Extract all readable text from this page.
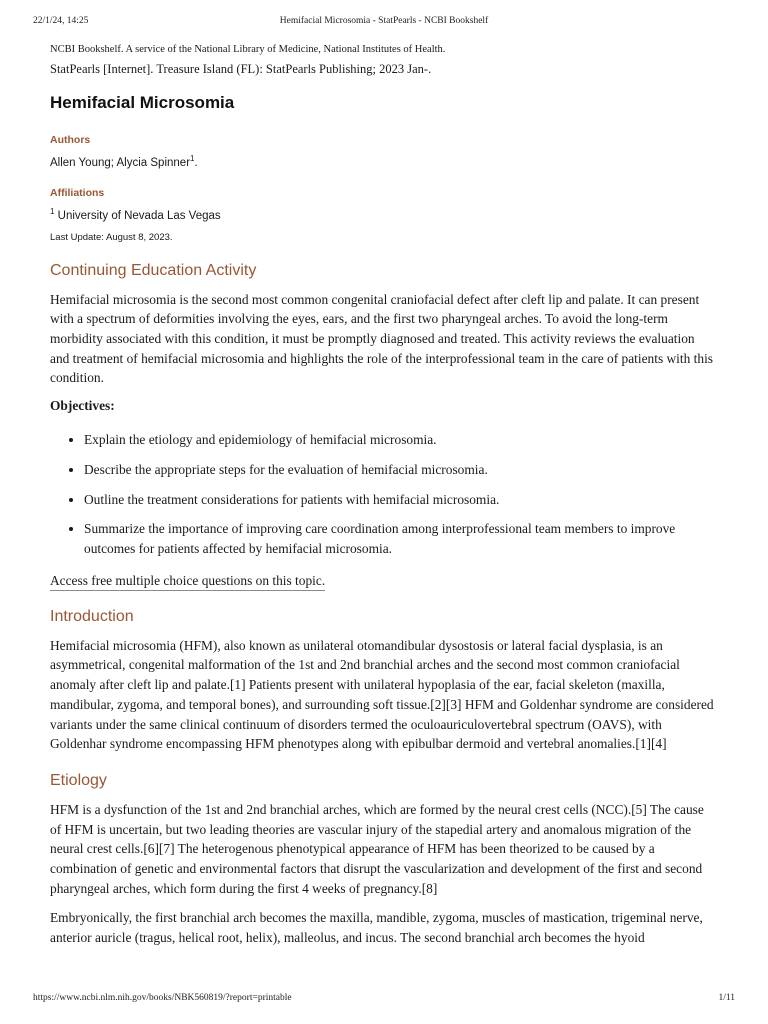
22/1/24, 14:25	Hemifacial Microsomia - StatPearls - NCBI Bookshelf
NCBI Bookshelf. A service of the National Library of Medicine, National Institutes of Health.
StatPearls [Internet]. Treasure Island (FL): StatPearls Publishing; 2023 Jan-.
Hemifacial Microsomia
Authors
Allen Young; Alycia Spinner$^1$.
Affiliations
$^1$ University of Nevada Las Vegas
Last Update: August 8, 2023.
Continuing Education Activity

Hemifacial microsomia is the second most common congenital craniofacial defect after cleft lip and palate. It can present with a spectrum of deformities involving the eyes, ears, and the first two pharyngeal arches. To avoid the long-term morbidity associated with this condition, it must be promptly diagnosed and treated. This activity reviews the evaluation and treatment of hemifacial microsomia and highlights the role of the interprofessional team in the care of patients with this condition.

Objectives:
• Explain the etiology and epidemiology of hemifacial microsomia.
• Describe the appropriate steps for the evaluation of hemifacial microsomia.
• Outline the treatment considerations for patients with hemifacial microsomia.
• Summarize the importance of improving care coordination among interprofessional team members to improve outcomes for patients affected by hemifacial microsomia.
Access free multiple choice questions on this topic.
Introduction

Hemifacial microsomia (HFM), also known as unilateral otomandibular dysostosis or lateral facial dysplasia, is an asymmetrical, congenital malformation of the 1st and 2nd branchial arches and the second most common craniofacial anomaly after cleft lip and palate.[1] Patients present with unilateral hypoplasia of the ear, facial skeleton (maxilla, mandibular, zygoma, and temporal bones), and surrounding soft tissue.[2][3] HFM and Goldenhar syndrome are considered variants under the same clinical continuum of disorders termed the oculoauriculovertebral spectrum (OAVS), with Goldenhar syndrome encompassing HFM phenotypes along with epibulbar dermoid and vertebral anomalies.[1][4]

Etiology

HFM is a dysfunction of the 1st and 2nd branchial arches, which are formed by the neural crest cells (NCC).[5] The cause of HFM is uncertain, but two leading theories are vascular injury of the stapedial artery and anomalous migration of the neural crest cells.[6][7] The heterogenous phenotypical appearance of HFM has been theorized to be caused by a combination of genetic and environmental factors that disrupt the vascularization and development of the first and second pharyngeal arches, which form during the first 4 weeks of pregnancy.[8]

Embryonically, the first branchial arch becomes the maxilla, mandible, zygoma, muscles of mastication, trigeminal nerve, anterior auricle (tragus, helical root, helix), malleolus, and incus. The second branchial arch becomes the hyoid

https://www.ncbi.nlm.nih.gov/books/NBK560819/?report=printable	1/11
